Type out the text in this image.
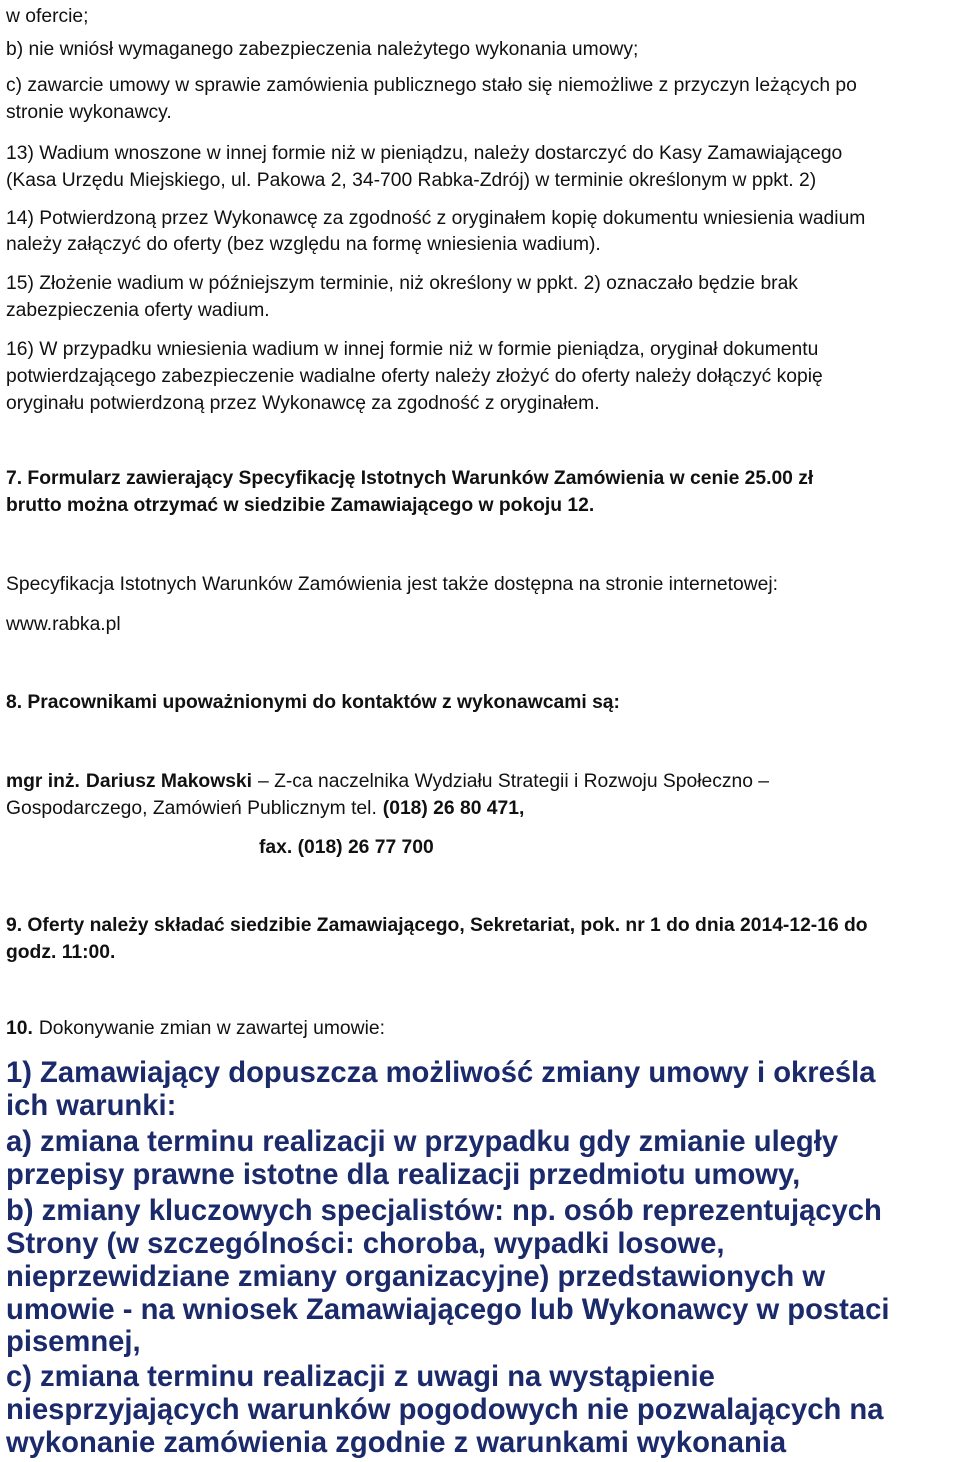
w ofercie;
b) nie wniósł wymaganego zabezpieczenia należytego wykonania umowy;
c) zawarcie umowy w sprawie zamówienia publicznego stało się niemożliwe z przyczyn leżących po
stronie wykonawcy.
13) Wadium wnoszone w innej formie niż w pieniądzu, należy dostarczyć do Kasy Zamawiającego
(Kasa Urzędu Miejskiego, ul. Pakowa 2, 34-700 Rabka-Zdrój) w terminie określonym w ppkt. 2)
14) Potwierdzoną przez Wykonawcę za zgodność z oryginałem kopię dokumentu wniesienia wadium
należy załączyć do oferty (bez względu na formę wniesienia wadium).
15) Złożenie wadium w późniejszym terminie, niż określony w ppkt. 2) oznaczało będzie brak
zabezpieczenia oferty wadium.
16) W przypadku wniesienia wadium w innej formie niż w formie pieniądza, oryginał dokumentu
potwierdzającego zabezpieczenie wadialne oferty należy złożyć do oferty należy dołączyć kopię
oryginału potwierdzoną przez Wykonawcę za zgodność z oryginałem.
7. Formularz zawierający Specyfikację Istotnych Warunków Zamówienia w cenie 25.00 zł
brutto można otrzymać w siedzibie Zamawiającego w pokoju 12.
Specyfikacja Istotnych Warunków Zamówienia jest także dostępna na stronie internetowej:
www.rabka.pl
8. Pracownikami upoważnionymi do kontaktów z wykonawcami są:
mgr inż. Dariusz Makowski – Z-ca naczelnika Wydziału Strategii i Rozwoju Społeczno –
Gospodarczego, Zamówień Publicznym tel. (018) 26 80 471,
fax. (018) 26 77 700
9. Oferty należy składać siedzibie Zamawiającego, Sekretariat, pok. nr 1 do dnia 2014-12-16 do
godz. 11:00.
10. Dokonywanie zmian w zawartej umowie:
1) Zamawiający dopuszcza możliwość zmiany umowy i określa
ich warunki:
a) zmiana terminu realizacji w przypadku gdy zmianie uległy
przepisy prawne istotne dla realizacji przedmiotu umowy,
b) zmiany kluczowych specjalistów: np. osób reprezentujących
Strony (w szczególności: choroba, wypadki losowe,
nieprzewidziane zmiany organizacyjne) przedstawionych w
umowie - na wniosek Zamawiającego lub Wykonawcy w postaci
pisemnej,
c) zmiana terminu realizacji z uwagi na wystąpienie
niesprzyjających warunków pogodowych nie pozwalających na
wykonanie zamówienia zgodnie z warunkami wykonania
